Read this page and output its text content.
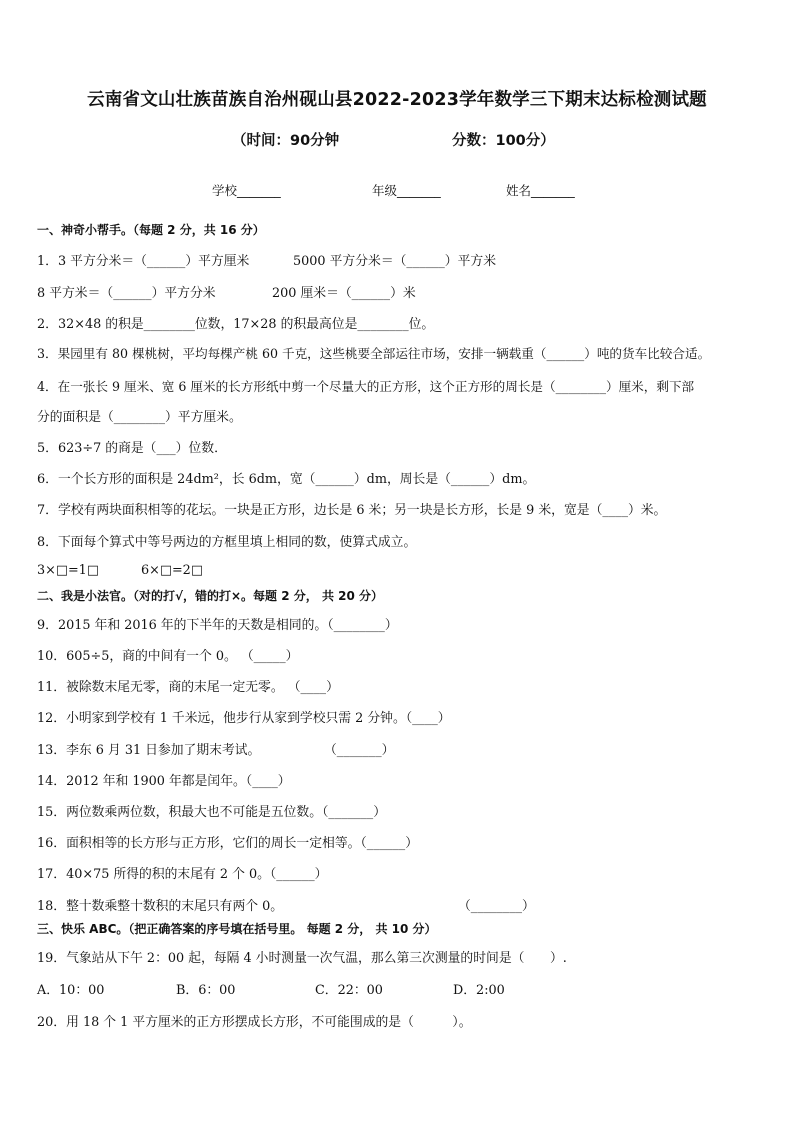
云南省文山壮族苗族自治州砚山县2022-2023学年数学三下期末达标检测试题
（时间：90分钟	分数：100分）
学校_______	年级_______	姓名_______
一、神奇小帮手。（每题 2 分，共 16 分）
1．3 平方分米＝（______）平方厘米	5000 平方分米＝（______）平方米
8 平方米＝（______）平方分米	200 厘米＝（______）米
2．32×48 的积是________位数，17×28 的积最高位是________位。
3．果园里有 80 棵桃树，平均每棵产桃 60 千克，这些桃要全部运往市场，安排一辆载重（______）吨的货车比较合适。
4．在一张长 9 厘米、宽 6 厘米的长方形纸中剪一个尽量大的正方形，这个正方形的周长是（________）厘米，剩下部
分的面积是（________）平方厘米。
5．623÷7 的商是（___）位数．
6．一个长方形的面积是 24dm²，长 6dm，宽（______）dm，周长是（______）dm。
7．学校有两块面积相等的花坛。一块是正方形，边长是 6 米；另一块是长方形，长是 9 米，宽是（____）米。
8．下面每个算式中等号两边的方框里填上相同的数，使算式成立。
3×□=1□	6×□=2□
二、我是小法官。（对的打√，错的打×。每题 2 分， 共 20 分）
9．2015 年和 2016 年的下半年的天数是相同的。（________）
10．605÷5，商的中间有一个 0。 （_____）
11．被除数末尾无零，商的末尾一定无零。 （____）
12．小明家到学校有 1 千米远，他步行从家到学校只需 2 分钟。（____）
13．李东 6 月 31 日参加了期末考试。	（_______）
14．2012 年和 1900 年都是闰年。（____）
15．两位数乘两位数，积最大也不可能是五位数。（_______）
16．面积相等的长方形与正方形，它们的周长一定相等。（______）
17．40×75 所得的积的末尾有 2 个 0。（______）
18．整十数乘整十数积的末尾只有两个 0。	（________）
三、快乐 ABC。（把正确答案的序号填在括号里。 每题 2 分， 共 10 分）
19．气象站从下午 2：00 起，每隔 4 小时测量一次气温，那么第三次测量的时间是（　　）.
A．10：00	B．6：00	C．22：00	D．2:00
20．用 18 个 1 平方厘米的正方形摆成长方形，不可能围成的是（　　　）。
